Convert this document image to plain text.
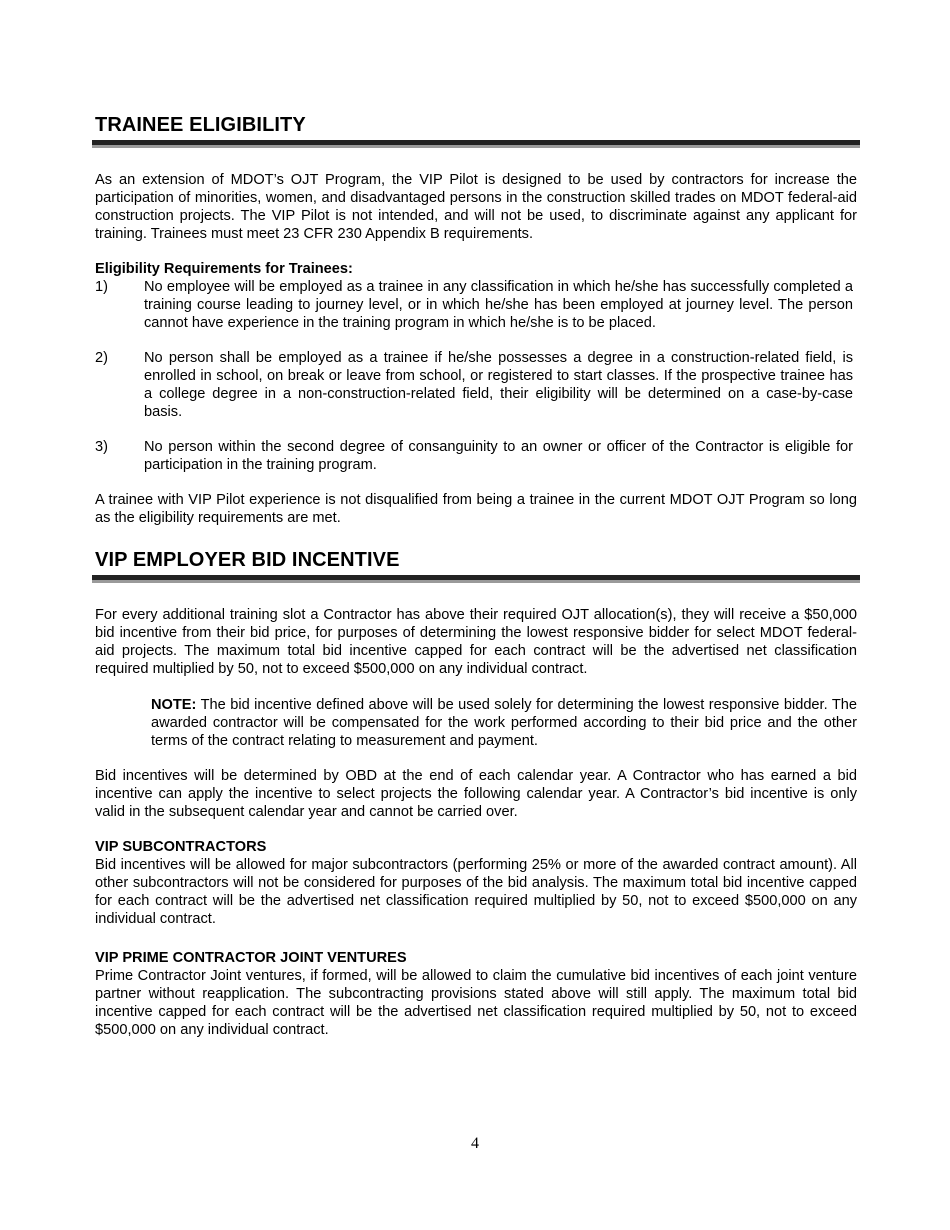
TRAINEE ELIGIBILITY

As an extension of MDOT’s OJT Program, the VIP Pilot is designed to be used by contractors for increase the participation of minorities, women, and disadvantaged persons in the construction skilled trades on MDOT federal-aid construction projects. The VIP Pilot is not intended, and will not be used, to discriminate against any applicant for training. Trainees must meet 23 CFR 230 Appendix B requirements.

Eligibility Requirements for Trainees:

1) No employee will be employed as a trainee in any classification in which he/she has successfully completed a training course leading to journey level, or in which he/she has been employed at journey level. The person cannot have experience in the training program in which he/she is to be placed.

2) No person shall be employed as a trainee if he/she possesses a degree in a construction-related field, is enrolled in school, on break or leave from school, or registered to start classes. If the prospective trainee has a college degree in a non-construction-related field, their eligibility will be determined on a case-by-case basis.

3) No person within the second degree of consanguinity to an owner or officer of the Contractor is eligible for participation in the training program.

A trainee with VIP Pilot experience is not disqualified from being a trainee in the current MDOT OJT Program so long as the eligibility requirements are met.

VIP EMPLOYER BID INCENTIVE

For every additional training slot a Contractor has above their required OJT allocation(s), they will receive a $50,000 bid incentive from their bid price, for purposes of determining the lowest responsive bidder for select MDOT federal-aid projects. The maximum total bid incentive capped for each contract will be the advertised net classification required multiplied by 50, not to exceed $500,000 on any individual contract.

NOTE: The bid incentive defined above will be used solely for determining the lowest responsive bidder. The awarded contractor will be compensated for the work performed according to their bid price and the other terms of the contract relating to measurement and payment.

Bid incentives will be determined by OBD at the end of each calendar year. A Contractor who has earned a bid incentive can apply the incentive to select projects the following calendar year. A Contractor’s bid incentive is only valid in the subsequent calendar year and cannot be carried over.

VIP SUBCONTRACTORS

Bid incentives will be allowed for major subcontractors (performing 25% or more of the awarded contract amount). All other subcontractors will not be considered for purposes of the bid analysis. The maximum total bid incentive capped for each contract will be the advertised net classification required multiplied by 50, not to exceed $500,000 on any individual contract.

VIP PRIME CONTRACTOR JOINT VENTURES

Prime Contractor Joint ventures, if formed, will be allowed to claim the cumulative bid incentives of each joint venture partner without reapplication. The subcontracting provisions stated above will still apply. The maximum total bid incentive capped for each contract will be the advertised net classification required multiplied by 50, not to exceed $500,000 on any individual contract.

4
